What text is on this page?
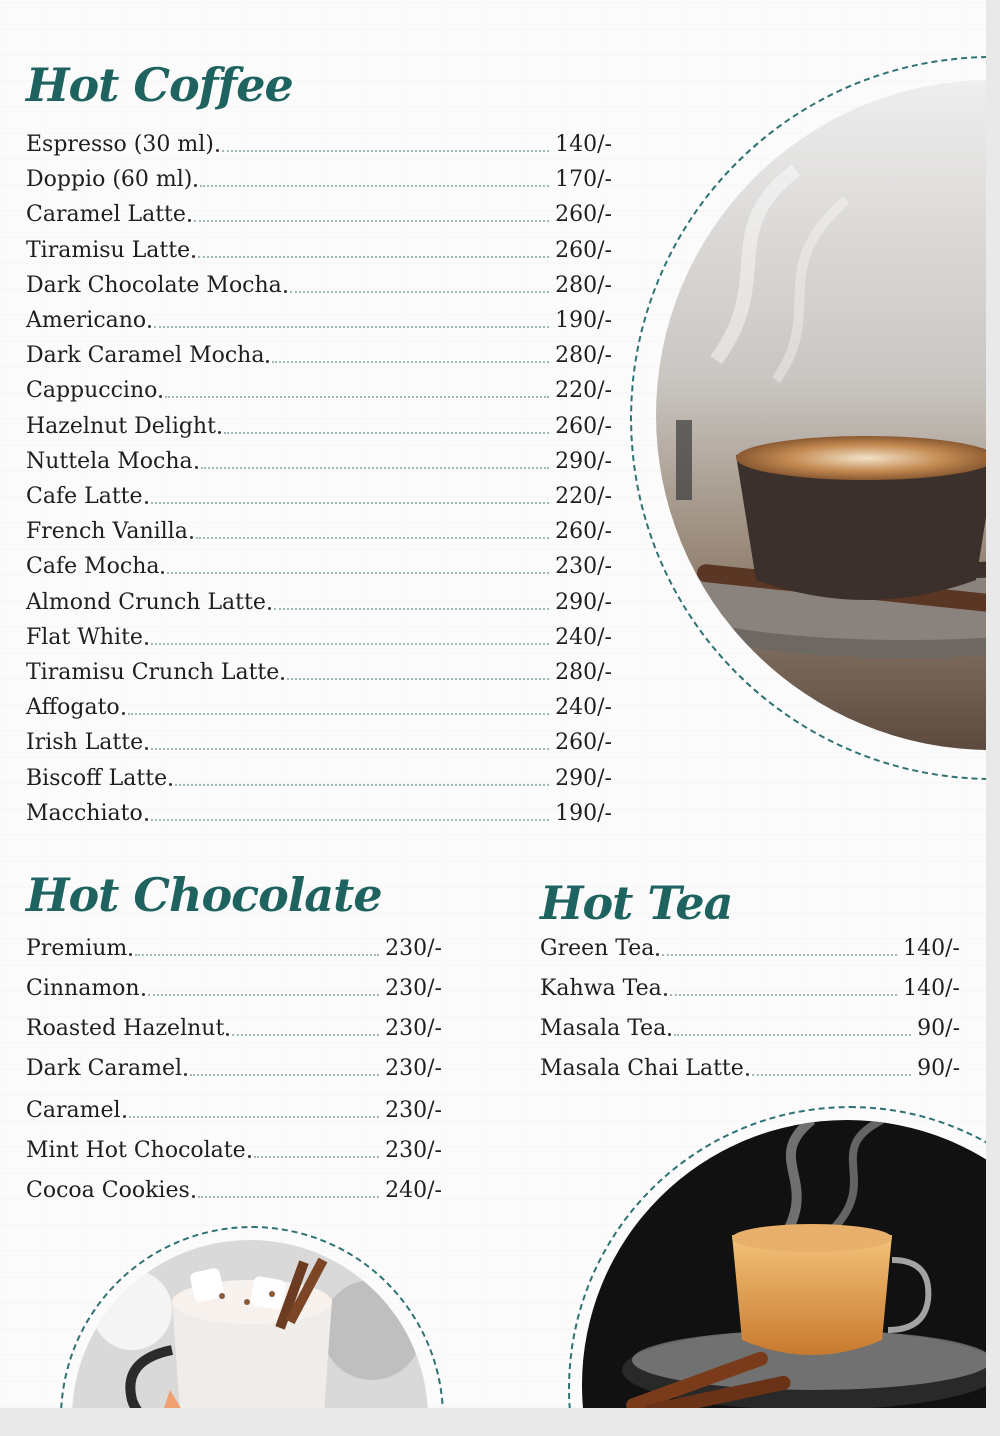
Hot Coffee
Espresso (30 ml)	140/-
Doppio (60 ml)	170/-
Caramel Latte	260/-
Tiramisu Latte	260/-
Dark Chocolate Mocha	280/-
Americano	190/-
Dark Caramel Mocha	280/-
Cappuccino	220/-
Hazelnut Delight	260/-
Nuttela Mocha	290/-
Cafe Latte	220/-
French Vanilla	260/-
Cafe Mocha	230/-
Almond Crunch Latte	290/-
Flat White	240/-
Tiramisu Crunch Latte	280/-
Affogato	240/-
Irish Latte	260/-
Biscoff Latte	290/-
Macchiato	190/-
Hot Chocolate
Premium	230/-
Cinnamon	230/-
Roasted Hazelnut	230/-
Dark Caramel	230/-
Caramel	230/-
Mint Hot Chocolate	230/-
Cocoa Cookies	240/-
Hot Tea
Green Tea	140/-
Kahwa Tea	140/-
Masala Tea	90/-
Masala Chai Latte	90/-
